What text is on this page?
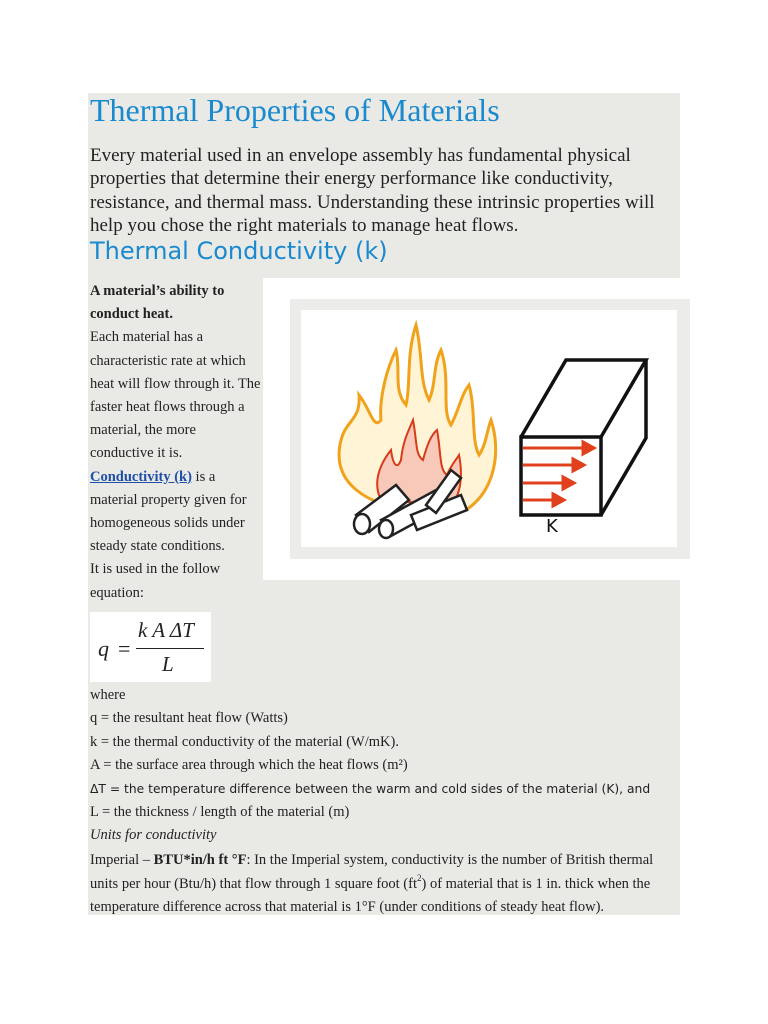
Thermal Properties of Materials

Every material used in an envelope assembly has fundamental physical properties that determine their energy performance like conductivity, resistance, and thermal mass. Understanding these intrinsic properties will help you chose the right materials to manage heat flows.

Thermal Conductivity (k)
A material’s ability to conduct heat.
Each material has a characteristic rate at which heat will flow through it. The faster heat flows through a material, the more conductive it is.  Conductivity (k) is a material property given for homogeneous solids under steady state conditions.
It is used in the follow equation:
K
q =
k A ΔT
L
where
q = the resultant heat flow (Watts)
k = the thermal conductivity of the material (W/mK).
A = the surface area through which the heat flows (m²)
ΔT = the temperature difference between the warm and cold sides of the material (K), and
L = the thickness / length of the material (m)
Units for conductivity
Imperial – BTU*in/h ft °F: In the Imperial system, conductivity is the number of British thermal units per hour (Btu/h) that flow through 1 square foot $(ft^2)$ of material that is 1 in. thick when the temperature difference across that material is 1°F (under conditions of steady heat flow).
